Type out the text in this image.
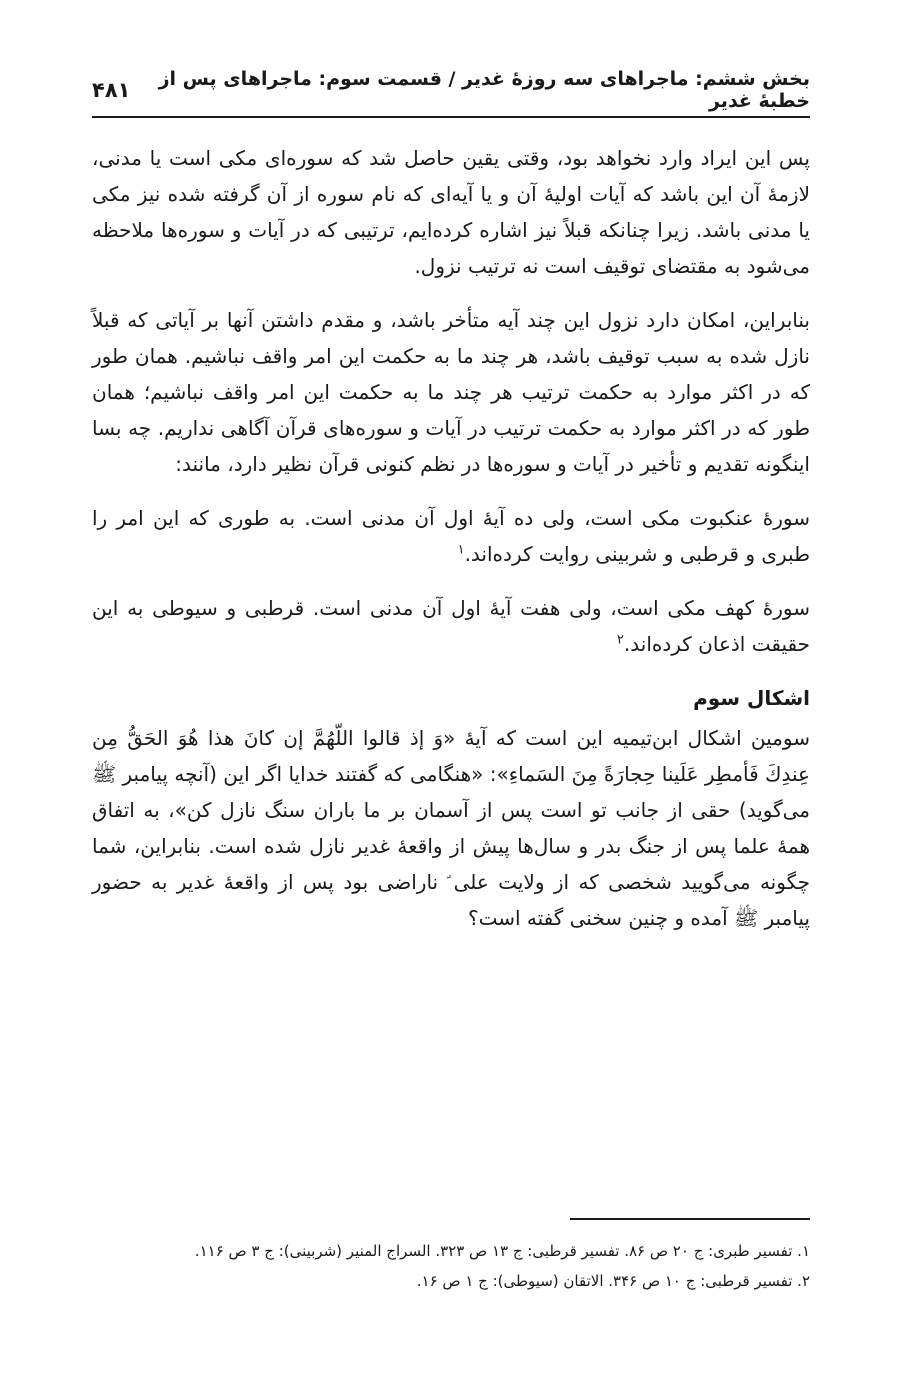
بخش ششم: ماجراهای سه روزهٔ غدیر / قسمت سوم: ماجراهای پس از خطبهٔ غدیر
۴۸۱

پس این ایراد وارد نخواهد بود، وقتی یقین حاصل شد که سوره‌ای مکی است یا مدنی، لازمهٔ آن این باشد که آیات اولیهٔ آن و یا آیه‌ای که نام سوره از آن گرفته شده نیز مکی یا مدنی باشد. زیرا چنانکه قبلاً نیز اشاره کرده‌ایم، ترتیبی که در آیات و سوره‌ها ملاحظه می‌شود به مقتضای توقیف است نه ترتیب نزول.

بنابراین، امکان دارد نزول این چند آیه متأخر باشد، و مقدم داشتن آنها بر آیاتی که قبلاً نازل شده به سبب توقیف باشد، هر چند ما به حکمت این امر واقف نباشیم. همان طور که در اکثر موارد به حکمت ترتیب هر چند ما به حکمت این امر واقف نباشیم؛ همان طور که در اکثر موارد به حکمت ترتیب در آیات و سوره‌های قرآن آگاهی نداریم. چه بسا اینگونه تقدیم و تأخیر در آیات و سوره‌ها در نظم کنونی قرآن نظیر دارد، مانند:

سورهٔ عنکبوت مکی است، ولی ده آیهٔ اول آن مدنی است. به طوری که این امر را طبری و قرطبی و شربینی روایت کرده‌اند.$^۱$

سورهٔ کهف مکی است، ولی هفت آیهٔ اول آن مدنی است. قرطبی و سیوطی به این حقیقت اذعان کرده‌اند.$^۲$

اشکال سوم

سومین اشکال ابن‌تیمیه این است که آیهٔ «وَ إذ قالوا اللّهُمَّ إن كانَ هذا هُوَ الحَقُّ مِن عِندِكَ فَأمطِر عَلَينا حِجارَةً مِنَ السَماءِ»: «هنگامی که گفتند خدایا اگر این (آنچه پیامبر ﷺ می‌گوید) حقی از جانب تو است پس از آسمان بر ما باران سنگ نازل کن»، به اتفاق همهٔ علما پس از جنگ بدر و سال‌ها پیش از واقعهٔ غدیر نازل شده است. بنابراین، شما چگونه می‌گویید شخصی که از ولایت علی ؑ ناراضی بود پس از واقعهٔ غدیر به حضور پیامبر ﷺ آمده و چنین سخنی گفته است؟

۱. تفسیر طبری: ج ۲۰ ص ۸۶. تفسیر قرطبی: ج ۱۳ ص ۳۲۳. السراج المنیر (شربینی): ج ۳ ص ۱۱۶.
۲. تفسیر قرطبی: ج ۱۰ ص ۳۴۶. الاتقان (سیوطی): ج ۱ ص ۱۶.
